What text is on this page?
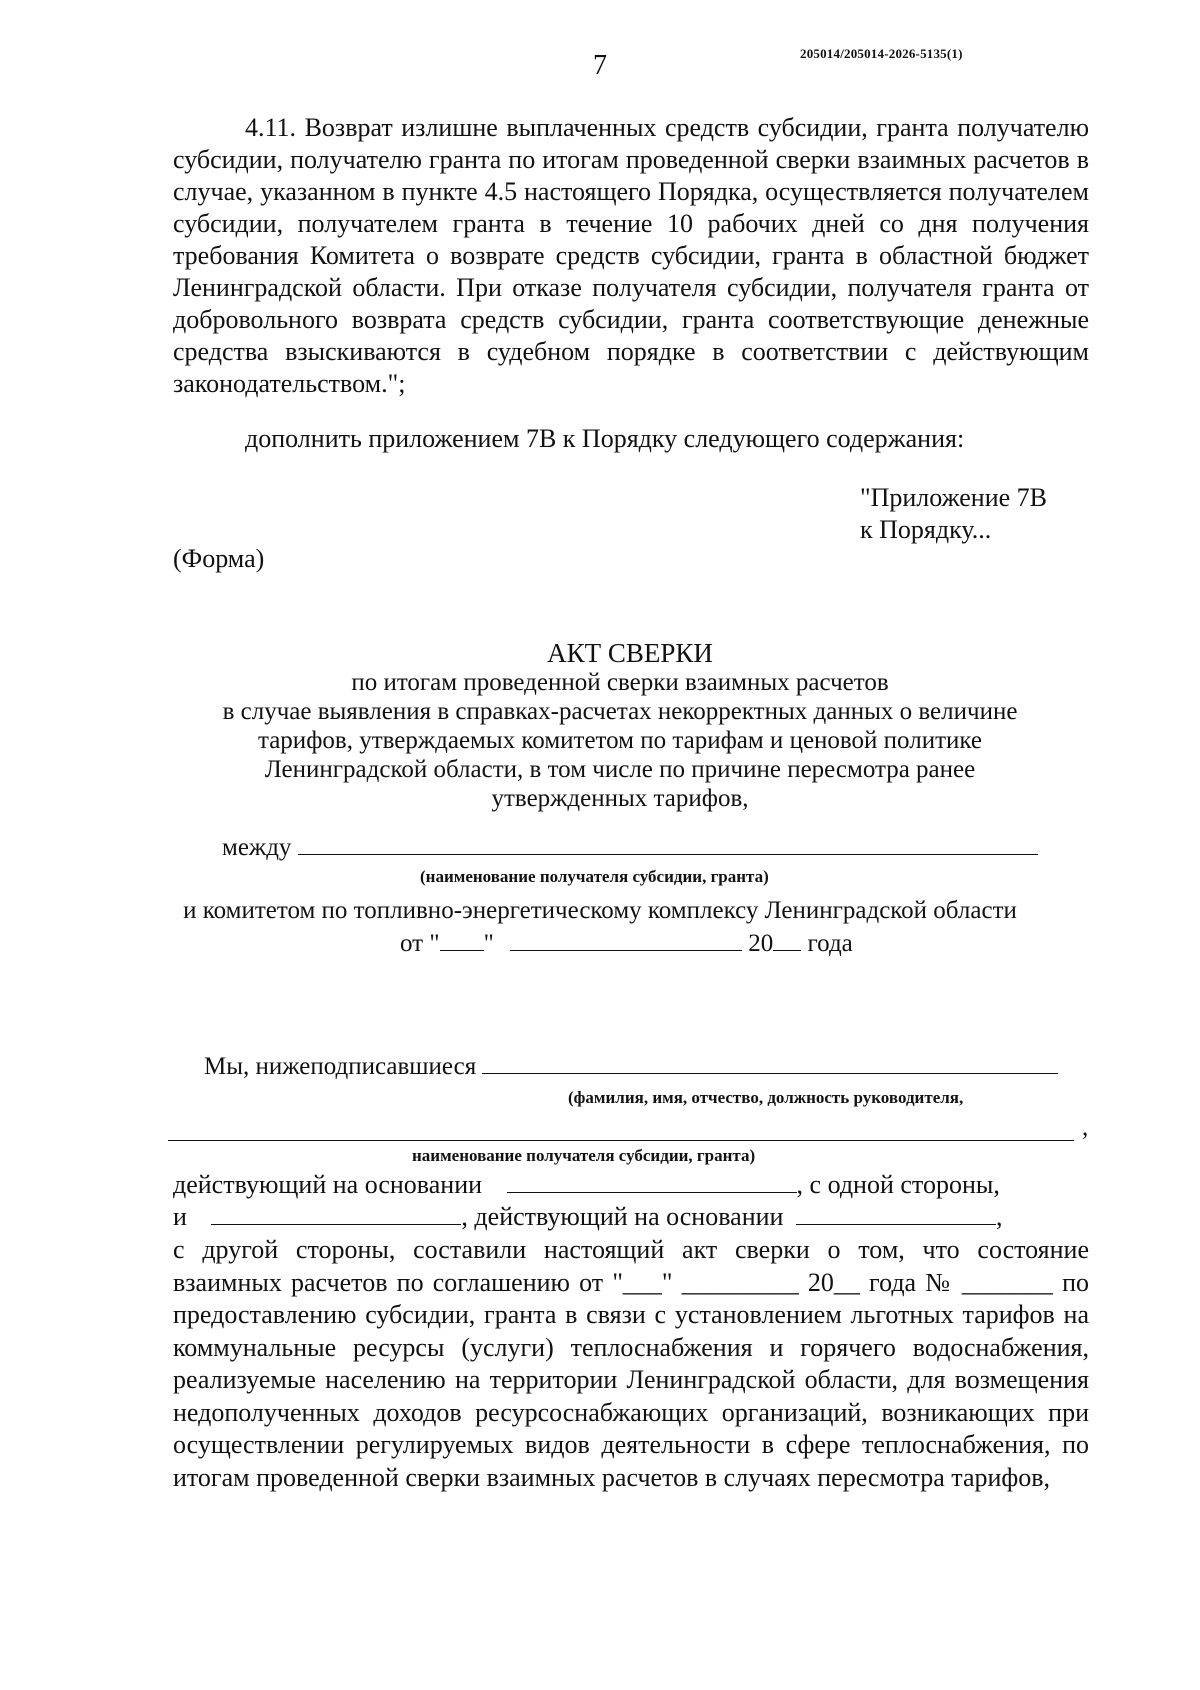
7	205014/205014-2026-5135(1)

4.11. Возврат излишне выплаченных средств субсидии, гранта получателю субсидии, получателю гранта по итогам проведенной сверки взаимных расчетов в случае, указанном в пункте 4.5 настоящего Порядка, осуществляется получателем субсидии, получателем гранта в течение 10 рабочих дней со дня получения требования Комитета о возврате средств субсидии, гранта в областной бюджет Ленинградской области. При отказе получателя субсидии, получателя гранта от добровольного возврата средств субсидии, гранта соответствующие денежные средства взыскиваются в судебном порядке в соответствии с действующим законодательством.";

дополнить приложением 7В к Порядку следующего содержания:

"Приложение 7В
к Порядку...
(Форма)
АКТ СВЕРКИ
по итогам проведенной сверки взаимных расчетов
в случае выявления в справках-расчетах некорректных данных о величине
тарифов, утверждаемых комитетом по тарифам и ценовой политике
Ленинградской области, в том числе по причине пересмотра ранее
утвержденных тарифов,
между
(наименование получателя субсидии, гранта)
и комитетом по топливно-энергетическому комплексу Ленинградской области
от " "	20 года
Мы, нижеподписавшиеся
(фамилия, имя, отчество, должность руководителя,
,
наименование получателя субсидии, гранта)
действующий на основании	, с одной стороны,
и	, действующий на основании	,

с другой стороны, составили настоящий акт сверки о том, что состояние взаимных расчетов по соглашению от "___" _________ 20__ года № _______ по предоставлению субсидии, гранта в связи с установлением льготных тарифов на коммунальные ресурсы (услуги) теплоснабжения и горячего водоснабжения, реализуемые населению на территории Ленинградской области, для возмещения недополученных доходов ресурсоснабжающих организаций, возникающих при осуществлении регулируемых видов деятельности в сфере теплоснабжения, по итогам проведенной сверки взаимных расчетов в случаях пересмотра тарифов,
